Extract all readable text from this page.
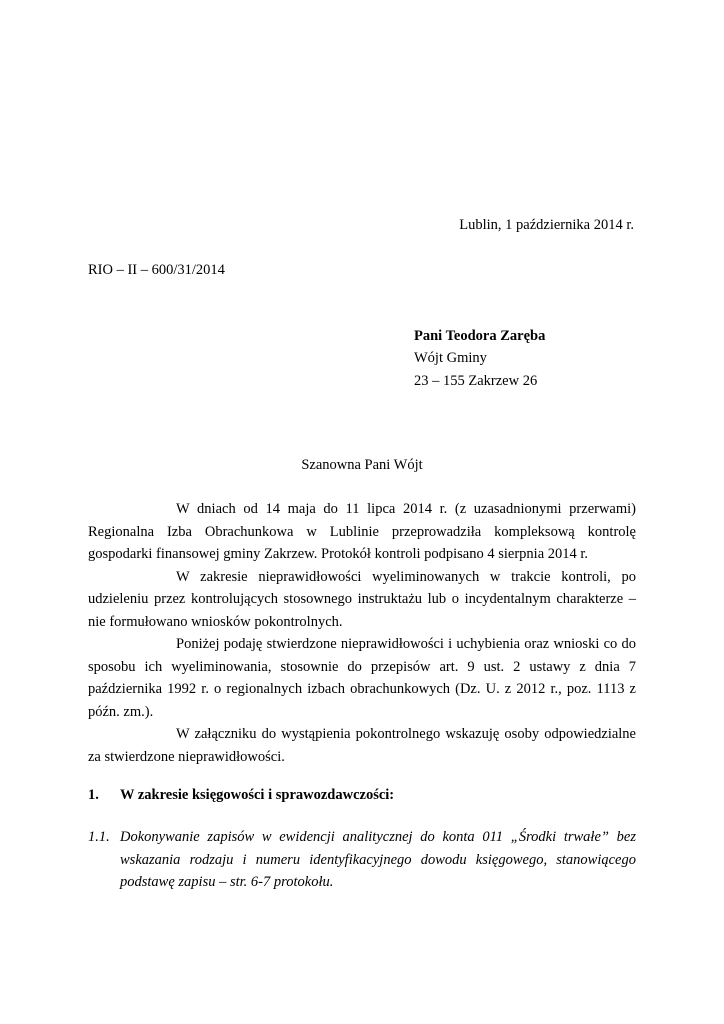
Lublin, 1 października 2014 r.

RIO – II – 600/31/2014

Pani Teodora Zaręba

Wójt Gminy

23 – 155 Zakrzew 26

Szanowna Pani Wójt

W dniach od 14 maja do 11 lipca 2014 r. (z uzasadnionymi przerwami) Regionalna Izba Obrachunkowa w Lublinie przeprowadziła kompleksową kontrolę gospodarki finansowej gminy Zakrzew. Protokół kontroli podpisano 4 sierpnia 2014 r.

W zakresie nieprawidłowości wyeliminowanych w trakcie kontroli, po udzieleniu przez kontrolujących stosownego instruktażu lub o incydentalnym charakterze – nie formułowano wniosków pokontrolnych.

Poniżej podaję stwierdzone nieprawidłowości i uchybienia oraz wnioski co do sposobu ich wyeliminowania, stosownie do przepisów art. 9 ust. 2 ustawy z dnia 7 października 1992 r. o regionalnych izbach obrachunkowych (Dz. U. z 2012 r., poz. 1113 z późn. zm.).

W załączniku do wystąpienia pokontrolnego wskazuję osoby odpowiedzialne za stwierdzone nieprawidłowości.

1. W zakresie księgowości i sprawozdawczości:
1.1. Dokonywanie zapisów w ewidencji analitycznej do konta 011 „Środki trwałe” bez wskazania rodzaju i numeru identyfikacyjnego dowodu księgowego, stanowiącego podstawę zapisu – str. 6-7 protokołu.
